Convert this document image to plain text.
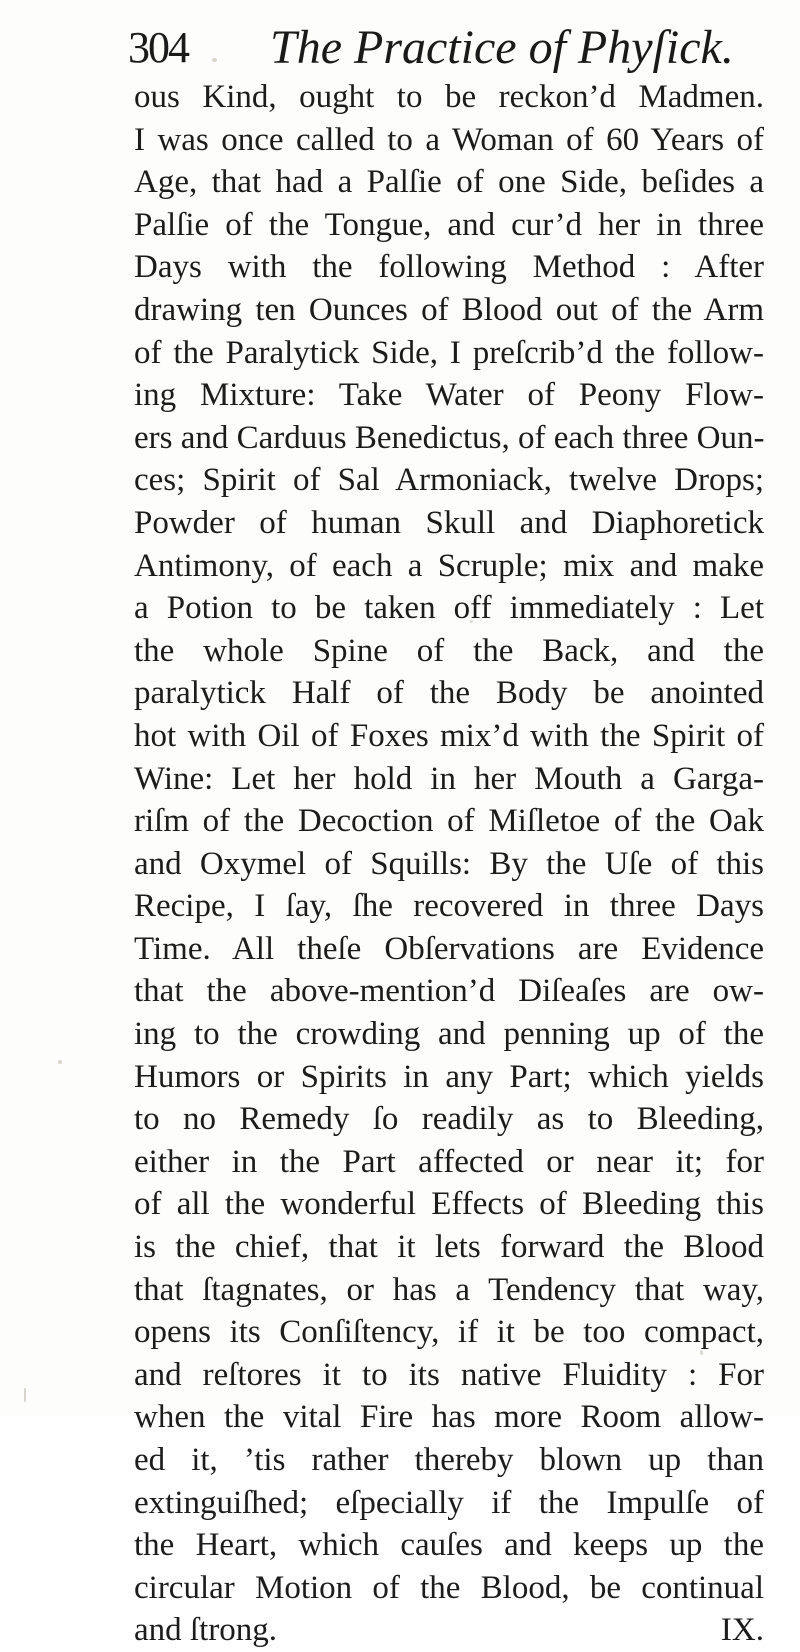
304 The Practice of Phyſick.
ous Kind, ought to be reckon’d Madmen.
I was once called to a Woman of 60 Years of
Age, that had a Palſie of one Side, beſides a
Palſie of the Tongue, and cur’d her in three
Days with the following Method : After
drawing ten Ounces of Blood out of the Arm
of the Paralytick Side, I preſcrib’d the follow-
ing Mixture: Take Water of Peony Flow-
ers and Carduus Benedictus, of each three Oun-
ces; Spirit of Sal Armoniack, twelve Drops;
Powder of human Skull and Diaphoretick
Antimony, of each a Scruple; mix and make
a Potion to be taken off immediately : Let
the whole Spine of the Back, and the
paralytick Half of the Body be anointed
hot with Oil of Foxes mix’d with the Spirit of
Wine: Let her hold in her Mouth a Garga-
riſm of the Decoction of Miſletoe of the Oak
and Oxymel of Squills: By the Uſe of this
Recipe, I ſay, ſhe recovered in three Days
Time. All theſe Obſervations are Evidence
that the above-mention’d Diſeaſes are ow-
ing to the crowding and penning up of the
Humors or Spirits in any Part; which yields
to no Remedy ſo readily as to Bleeding,
either in the Part affected or near it; for
of all the wonderful Effects of Bleeding this
is the chief, that it lets forward the Blood
that ſtagnates, or has a Tendency that way,
opens its Conſiſtency, if it be too compact,
and reſtores it to its native Fluidity : For
when the vital Fire has more Room allow-
ed it, ’tis rather thereby blown up than
extinguiſhed; eſpecially if the Impulſe of
the Heart, which cauſes and keeps up the
circular Motion of the Blood, be continual
and ſtrong.	IX.
